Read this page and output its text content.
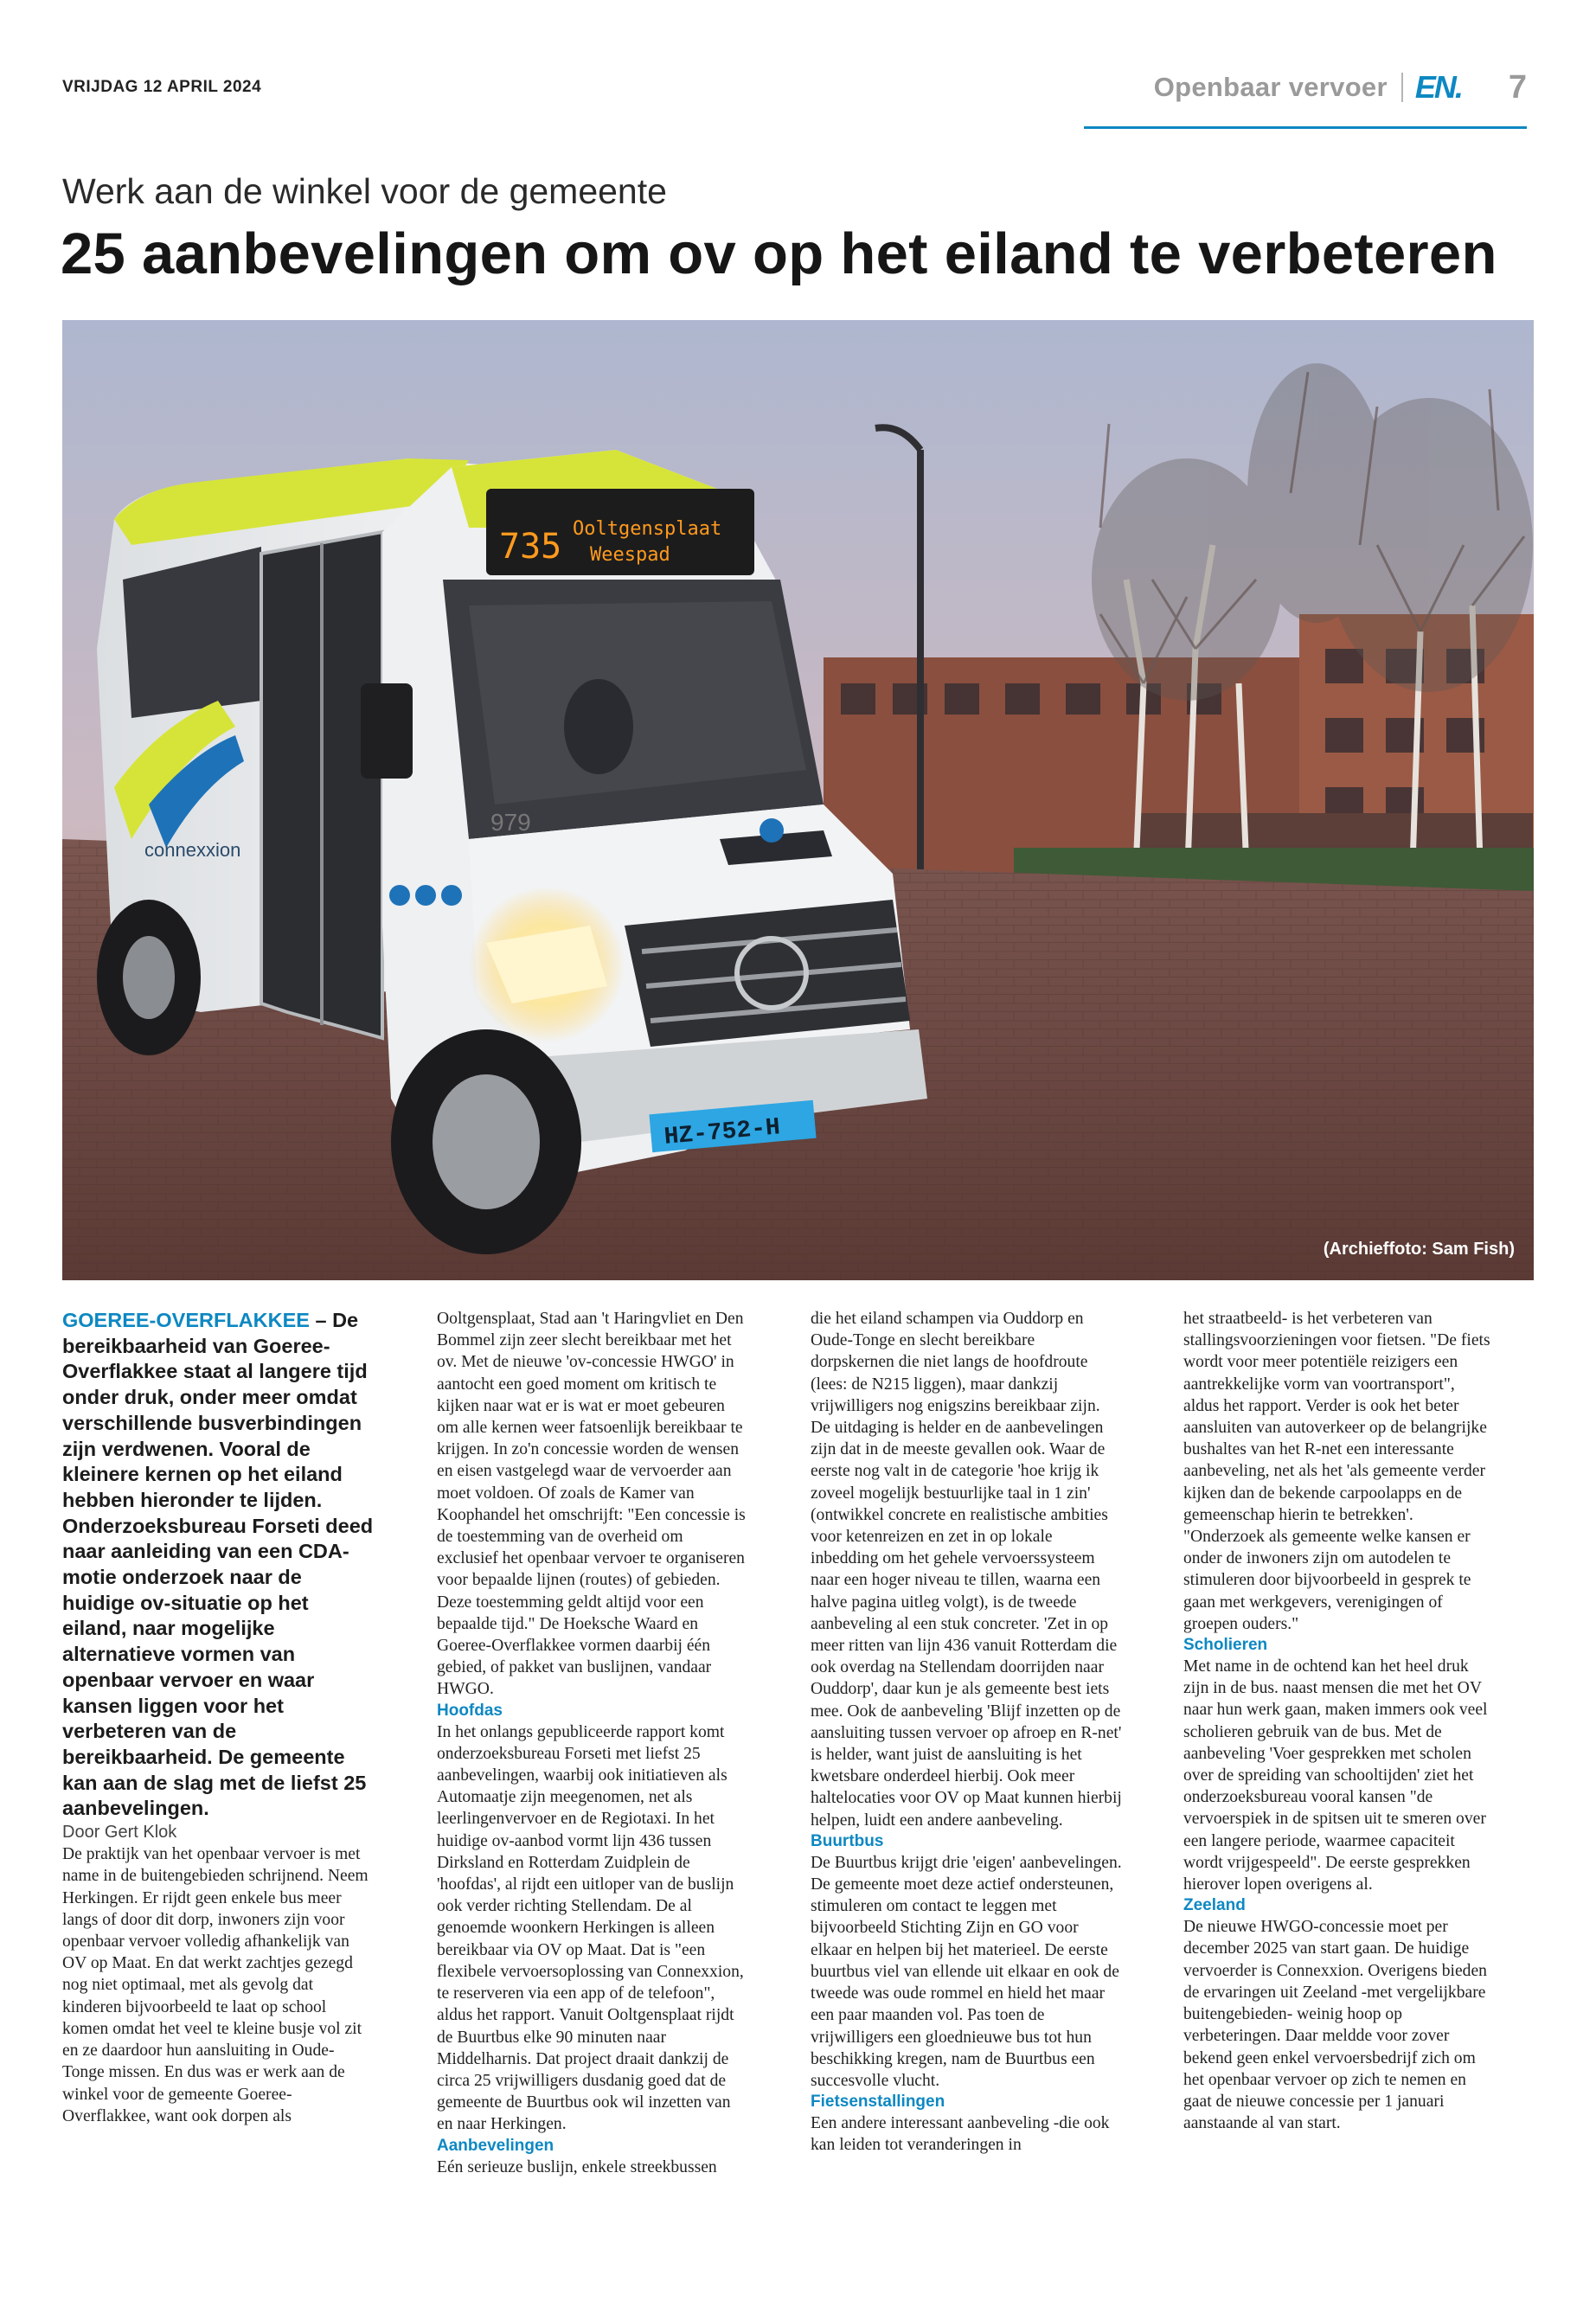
VRIJDAG 12 APRIL 2024	Openbaar vervoer EN. 7
Werk aan de winkel voor de gemeente
25 aanbevelingen om ov op het eiland te verbeteren
connexxion
735 Ooltgensplaat
Weespad
HZ-752-H
979
(Archieffoto: Sam Fish)

GOEREE-OVERFLAKKEE – De bereikbaarheid van Goeree-Overflakkee staat al langere tijd onder druk, onder meer omdat verschillende busverbindingen zijn verdwenen. Vooral de kleinere kernen op het eiland hebben hieronder te lijden. Onderzoeksbureau Forseti deed naar aanleiding van een CDA-motie onderzoek naar de huidige ov-situatie op het eiland, naar mogelijke alternatieve vormen van openbaar vervoer en waar kansen liggen voor het verbeteren van de bereikbaarheid. De gemeente kan aan de slag met de liefst 25 aanbevelingen.

Door Gert Klok

De praktijk van het openbaar vervoer is met name in de buitengebieden schrijnend. Neem Herkingen. Er rijdt geen enkele bus meer langs of door dit dorp, inwoners zijn voor openbaar vervoer volledig afhankelijk van OV op Maat. En dat werkt zachtjes gezegd nog niet optimaal, met als gevolg dat kinderen bijvoorbeeld te laat op school komen omdat het veel te kleine busje vol zit en ze daardoor hun aansluiting in Oude-Tonge missen. En dus was er werk aan de winkel voor de gemeente Goeree-Overflakkee, want ook dorpen als

Ooltgensplaat, Stad aan 't Haringvliet en Den Bommel zijn zeer slecht bereikbaar met het ov. Met de nieuwe 'ov-concessie HWGO' in aantocht een goed moment om kritisch te kijken naar wat er is wat er moet gebeuren om alle kernen weer fatsoenlijk bereikbaar te krijgen. In zo'n concessie worden de wensen en eisen vastgelegd waar de vervoerder aan moet voldoen. Of zoals de Kamer van Koophandel het omschrijft: "Een concessie is de toestemming van de overheid om exclusief het openbaar vervoer te organiseren voor bepaalde lijnen (routes) of gebieden. Deze toestemming geldt altijd voor een bepaalde tijd." De Hoeksche Waard en Goeree-Overflakkee vormen daarbij één gebied, of pakket van buslijnen, vandaar HWGO.

Hoofdas

In het onlangs gepubliceerde rapport komt onderzoeksbureau Forseti met liefst 25 aanbevelingen, waarbij ook initiatieven als Automaatje zijn meegenomen, net als leerlingenvervoer en de Regiotaxi. In het huidige ov-aanbod vormt lijn 436 tussen Dirksland en Rotterdam Zuidplein de 'hoofdas', al rijdt een uitloper van de buslijn ook verder richting Stellendam. De al genoemde woonkern Herkingen is alleen bereikbaar via OV op Maat. Dat is "een flexibele vervoersoplossing van Connexxion, te reserveren via een app of de telefoon", aldus het rapport. Vanuit Ooltgensplaat rijdt de Buurtbus elke 90 minuten naar Middelharnis. Dat project draait dankzij de circa 25 vrijwilligers dusdanig goed dat de gemeente de Buurtbus ook wil inzetten van en naar Herkingen.

Aanbevelingen

Eén serieuze buslijn, enkele streekbussen

die het eiland schampen via Ouddorp en Oude-Tonge en slecht bereikbare dorpskernen die niet langs de hoofdroute (lees: de N215 liggen), maar dankzij vrijwilligers nog enigszins bereikbaar zijn. De uitdaging is helder en de aanbevelingen zijn dat in de meeste gevallen ook. Waar de eerste nog valt in de categorie 'hoe krijg ik zoveel mogelijk bestuurlijke taal in 1 zin' (ontwikkel concrete en realistische ambities voor ketenreizen en zet in op lokale inbedding om het gehele vervoerssysteem naar een hoger niveau te tillen, waarna een halve pagina uitleg volgt), is de tweede aanbeveling al een stuk concreter. 'Zet in op meer ritten van lijn 436 vanuit Rotterdam die ook overdag na Stellendam doorrijden naar Ouddorp', daar kun je als gemeente best iets mee. Ook de aanbeveling 'Blijf inzetten op de aansluiting tussen vervoer op afroep en R-net' is helder, want juist de aansluiting is het kwetsbare onderdeel hierbij. Ook meer haltelocaties voor OV op Maat kunnen hierbij helpen, luidt een andere aanbeveling.

Buurtbus

De Buurtbus krijgt drie 'eigen' aanbevelingen. De gemeente moet deze actief ondersteunen, stimuleren om contact te leggen met bijvoorbeeld Stichting Zijn en GO voor elkaar en helpen bij het materieel. De eerste buurtbus viel van ellende uit elkaar en ook de tweede was oude rommel en hield het maar een paar maanden vol. Pas toen de vrijwilligers een gloednieuwe bus tot hun beschikking kregen, nam de Buurtbus een succesvolle vlucht.

Fietsenstallingen

Een andere interessant aanbeveling -die ook kan leiden tot veranderingen in

het straatbeeld- is het verbeteren van stallingsvoorzieningen voor fietsen. "De fiets wordt voor meer potentiële reizigers een aantrekkelijke vorm van voortransport", aldus het rapport. Verder is ook het beter aansluiten van autoverkeer op de belangrijke bushaltes van het R-net een interessante aanbeveling, net als het 'als gemeente verder kijken dan de bekende carpoolapps en de gemeenschap hierin te betrekken'. "Onderzoek als gemeente welke kansen er onder de inwoners zijn om autodelen te stimuleren door bijvoorbeeld in gesprek te gaan met werkgevers, verenigingen of groepen ouders."

Scholieren

Met name in de ochtend kan het heel druk zijn in de bus. naast mensen die met het OV naar hun werk gaan, maken immers ook veel scholieren gebruik van de bus. Met de aanbeveling 'Voer gesprekken met scholen over de spreiding van schooltijden' ziet het onderzoeksbureau vooral kansen "de vervoerspiek in de spitsen uit te smeren over een langere periode, waarmee capaciteit wordt vrijgespeeld". De eerste gesprekken hierover lopen overigens al.

Zeeland

De nieuwe HWGO-concessie moet per december 2025 van start gaan. De huidige vervoerder is Connexxion. Overigens bieden de ervaringen uit Zeeland -met vergelijkbare buitengebieden- weinig hoop op verbeteringen. Daar meldde voor zover bekend geen enkel vervoersbedrijf zich om het openbaar vervoer op zich te nemen en gaat de nieuwe concessie per 1 januari aanstaande al van start.
